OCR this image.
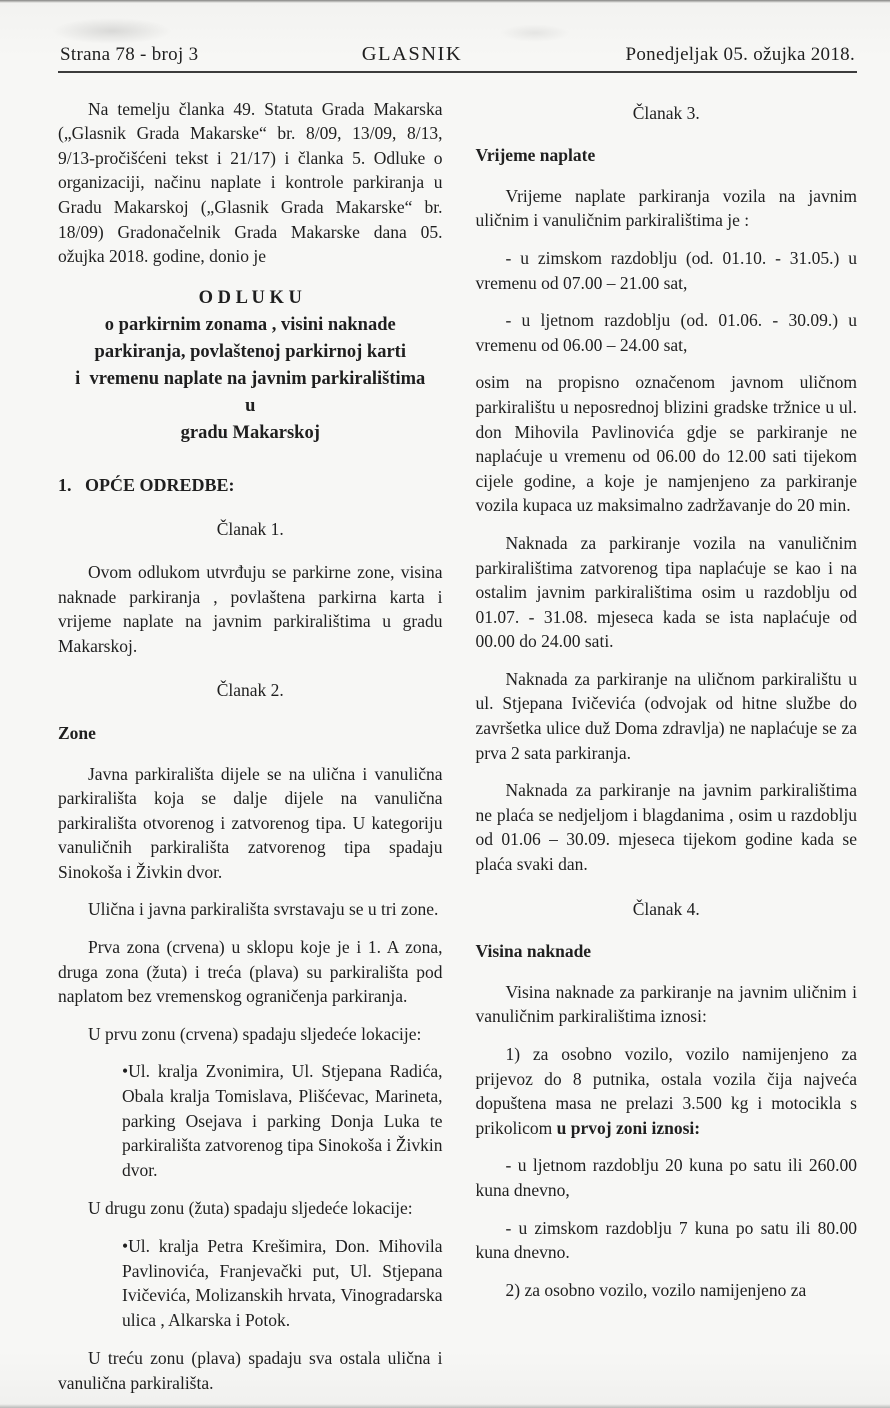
Strana 78 - broj 3	GLASNIK	Ponedjeljak 05. ožujka 2018.

Na temelju članka 49. Statuta Grada Makarska („Glasnik Grada Makarske“ br. 8/09, 13/09, 8/13, 9/13-pročišćeni tekst i 21/17) i članka 5. Odluke o organizaciji, načinu naplate i kontrole parkiranja u Gradu Makarskoj („Glasnik Grada Makarske“ br. 18/09) Gradonačelnik Grada Makarske dana 05. ožujka 2018. godine, donio je

O D L U K U
o parkirnim zonama , visini naknade
parkiranja, povlaštenoj parkirnoj karti
i  vremenu naplate na javnim parkiralištima
u
gradu Makarskoj

1.   OPĆE ODREDBE:

Članak 1.

Ovom odlukom utvrđuju se parkirne zone, visina naknade parkiranja , povlaštena parkirna karta i vrijeme naplate na javnim parkiralištima u gradu Makarskoj.

Članak 2.

Zone

Javna parkirališta dijele se na ulična i vanulična parkirališta koja se dalje dijele na vanulična parkirališta otvorenog i zatvorenog tipa. U kategoriju vanuličnih parkirališta zatvorenog tipa spadaju Sinokoša i Živkin dvor.

Ulična i javna parkirališta svrstavaju se u tri zone.

Prva zona (crvena) u sklopu koje je i 1. A zona, druga zona (žuta) i treća (plava) su parkirališta pod naplatom bez vremenskog ograničenja parkiranja.

U prvu zonu (crvena) spadaju sljedeće lokacije:

• Ul. kralja Zvonimira, Ul. Stjepana Radića, Obala kralja Tomislava, Plišćevac, Marineta, parking Osejava i parking Donja Luka te parkirališta zatvorenog tipa Sinokoša i Živkin dvor.

U drugu zonu (žuta) spadaju sljedeće lokacije:

• Ul. kralja Petra Krešimira, Don. Mihovila Pavlinovića, Franjevački put, Ul. Stjepana Ivičevića, Molizanskih hrvata, Vinogradarska ulica , Alkarska i Potok.

U treću zonu (plava) spadaju sva ostala ulična i vanulična parkirališta.

Članak 3.

Vrijeme naplate

Vrijeme naplate parkiranja vozila na javnim uličnim i vanuličnim parkiralištima je :

- u zimskom razdoblju (od. 01.10. - 31.05.) u vremenu od 07.00 – 21.00 sat,

- u ljetnom razdoblju (od. 01.06. - 30.09.) u vremenu od 06.00 – 24.00 sat,

osim na propisno označenom javnom uličnom parkiralištu u neposrednoj blizini gradske tržnice u ul. don Mihovila Pavlinovića gdje se parkiranje ne naplaćuje u vremenu od 06.00 do 12.00 sati tijekom cijele godine, a koje je namjenjeno za parkiranje vozila kupaca uz maksimalno zadržavanje do 20 min.

Naknada za parkiranje vozila na vanuličnim parkiralištima zatvorenog tipa naplaćuje se kao i na ostalim javnim parkiralištima osim u razdoblju od 01.07. - 31.08. mjeseca kada se ista naplaćuje od 00.00 do 24.00 sati.

Naknada za parkiranje na uličnom parkiralištu u ul. Stjepana Ivičevića (odvojak od hitne službe do završetka ulice duž Doma zdravlja) ne naplaćuje se za prva 2 sata parkiranja.

Naknada za parkiranje na javnim parkiralištima ne plaća se nedjeljom i blagdanima , osim u razdoblju od 01.06 – 30.09. mjeseca tijekom godine kada se plaća svaki dan.

Članak 4.

Visina naknade

Visina naknade za parkiranje na javnim uličnim i vanuličnim parkiralištima iznosi:

1) za osobno vozilo, vozilo namijenjeno za prijevoz do 8 putnika, ostala vozila čija najveća dopuštena masa ne prelazi 3.500 kg i motocikla s prikolicom u prvoj zoni iznosi:

- u ljetnom razdoblju 20 kuna po satu ili 260.00 kuna dnevno,

- u zimskom razdoblju 7 kuna po satu ili 80.00 kuna dnevno.

2) za osobno vozilo, vozilo namijenjeno za
